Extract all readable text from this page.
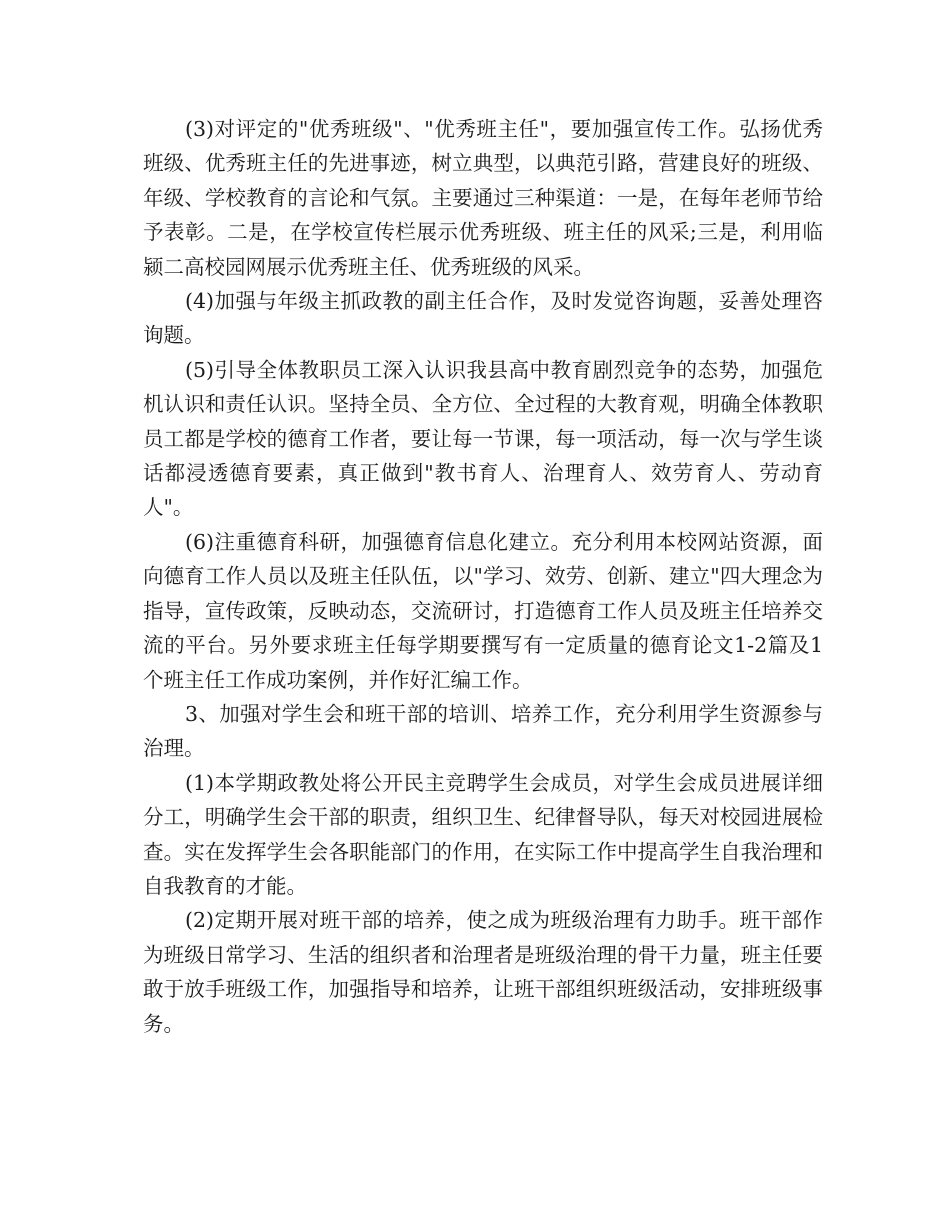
(3)对评定的"优秀班级"、"优秀班主任"，要加强宣传工作。弘扬优秀班级、优秀班主任的先进事迹，树立典型，以典范引路，营建良好的班级、年级、学校教育的言论和气氛。主要通过三种渠道：一是，在每年老师节给予表彰。二是，在学校宣传栏展示优秀班级、班主任的风采;三是，利用临颍二高校园网展示优秀班主任、优秀班级的风采。

(4)加强与年级主抓政教的副主任合作，及时发觉咨询题，妥善处理咨询题。

(5)引导全体教职员工深入认识我县高中教育剧烈竞争的态势，加强危机认识和责任认识。坚持全员、全方位、全过程的大教育观，明确全体教职员工都是学校的德育工作者，要让每一节课，每一项活动，每一次与学生谈话都浸透德育要素，真正做到"教书育人、治理育人、效劳育人、劳动育人"。

(6)注重德育科研，加强德育信息化建立。充分利用本校网站资源，面向德育工作人员以及班主任队伍，以"学习、效劳、创新、建立"四大理念为指导，宣传政策，反映动态，交流研讨，打造德育工作人员及班主任培养交流的平台。另外要求班主任每学期要撰写有一定质量的德育论文1-2篇及1个班主任工作成功案例，并作好汇编工作。

3、加强对学生会和班干部的培训、培养工作，充分利用学生资源参与治理。

(1)本学期政教处将公开民主竞聘学生会成员，对学生会成员进展详细分工，明确学生会干部的职责，组织卫生、纪律督导队，每天对校园进展检查。实在发挥学生会各职能部门的作用，在实际工作中提高学生自我治理和自我教育的才能。

(2)定期开展对班干部的培养，使之成为班级治理有力助手。班干部作为班级日常学习、生活的组织者和治理者是班级治理的骨干力量，班主任要敢于放手班级工作，加强指导和培养，让班干部组织班级活动，安排班级事务。
